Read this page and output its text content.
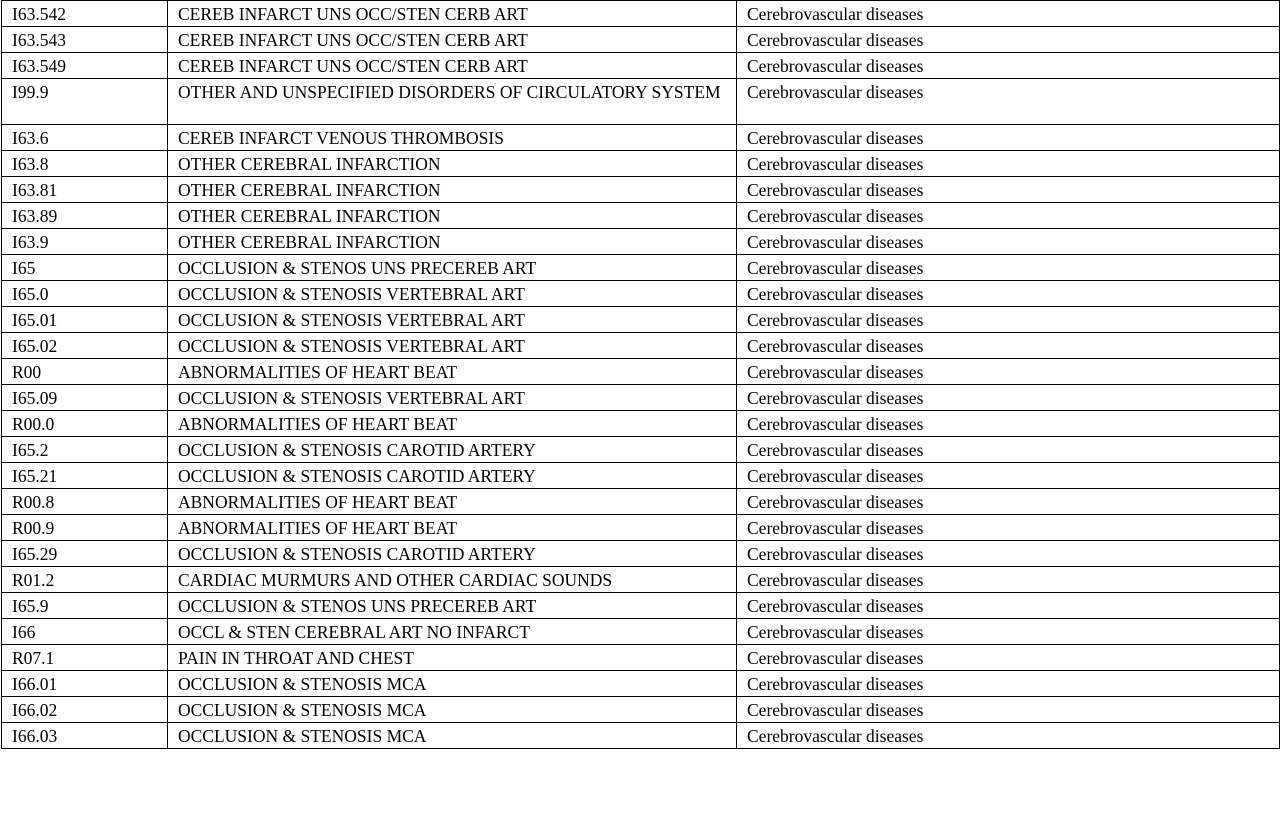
I63.542	CEREB INFARCT UNS OCC/STEN CERB ART	Cerebrovascular diseases
I63.543	CEREB INFARCT UNS OCC/STEN CERB ART	Cerebrovascular diseases
I63.549	CEREB INFARCT UNS OCC/STEN CERB ART	Cerebrovascular diseases
I99.9	OTHER AND UNSPECIFIED DISORDERS OF CIRCULATORY SYSTEM	Cerebrovascular diseases
I63.6	CEREB INFARCT VENOUS THROMBOSIS	Cerebrovascular diseases
I63.8	OTHER CEREBRAL INFARCTION	Cerebrovascular diseases
I63.81	OTHER CEREBRAL INFARCTION	Cerebrovascular diseases
I63.89	OTHER CEREBRAL INFARCTION	Cerebrovascular diseases
I63.9	OTHER CEREBRAL INFARCTION	Cerebrovascular diseases
I65	OCCLUSION & STENOS UNS PRECEREB ART	Cerebrovascular diseases
I65.0	OCCLUSION & STENOSIS VERTEBRAL ART	Cerebrovascular diseases
I65.01	OCCLUSION & STENOSIS VERTEBRAL ART	Cerebrovascular diseases
I65.02	OCCLUSION & STENOSIS VERTEBRAL ART	Cerebrovascular diseases
R00	ABNORMALITIES OF HEART BEAT	Cerebrovascular diseases
I65.09	OCCLUSION & STENOSIS VERTEBRAL ART	Cerebrovascular diseases
R00.0	ABNORMALITIES OF HEART BEAT	Cerebrovascular diseases
I65.2	OCCLUSION & STENOSIS CAROTID ARTERY	Cerebrovascular diseases
I65.21	OCCLUSION & STENOSIS CAROTID ARTERY	Cerebrovascular diseases
R00.8	ABNORMALITIES OF HEART BEAT	Cerebrovascular diseases
R00.9	ABNORMALITIES OF HEART BEAT	Cerebrovascular diseases
I65.29	OCCLUSION & STENOSIS CAROTID ARTERY	Cerebrovascular diseases
R01.2	CARDIAC MURMURS AND OTHER CARDIAC SOUNDS	Cerebrovascular diseases
I65.9	OCCLUSION & STENOS UNS PRECEREB ART	Cerebrovascular diseases
I66	OCCL & STEN CEREBRAL ART NO INFARCT	Cerebrovascular diseases
R07.1	PAIN IN THROAT AND CHEST	Cerebrovascular diseases
I66.01	OCCLUSION & STENOSIS MCA	Cerebrovascular diseases
I66.02	OCCLUSION & STENOSIS MCA	Cerebrovascular diseases
I66.03	OCCLUSION & STENOSIS MCA	Cerebrovascular diseases
